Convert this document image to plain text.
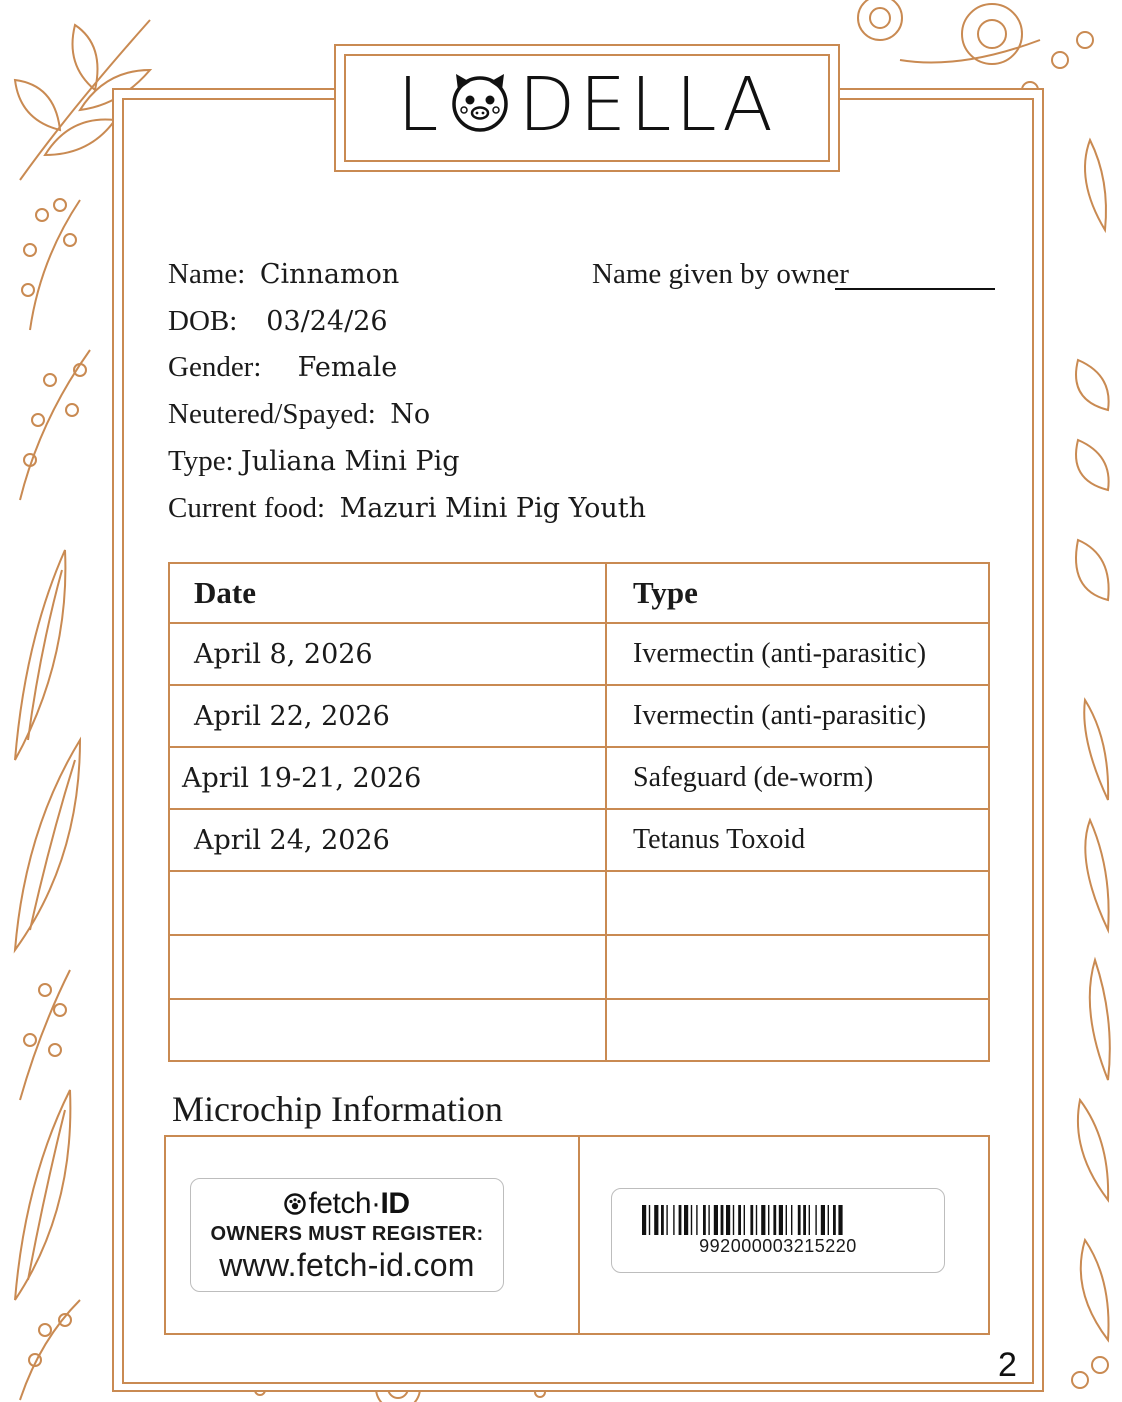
L DELLA
Name: Cinnamon	Name given by owner
DOB: 03/24/26
Gender: Female
Neutered/Spayed: No
Type: Juliana Mini Pig
Current food: Mazuri Mini Pig Youth
Date	Type
April 8, 2026	Ivermectin (anti-parasitic)
April 22, 2026	Ivermectin (anti-parasitic)
April 19-21, 2026	Safeguard (de-worm)
April 24, 2026	Tetanus Toxoid

Microchip Information
fetch·ID
OWNERS MUST REGISTER:
www.fetch-id.com
992000003215220
2
